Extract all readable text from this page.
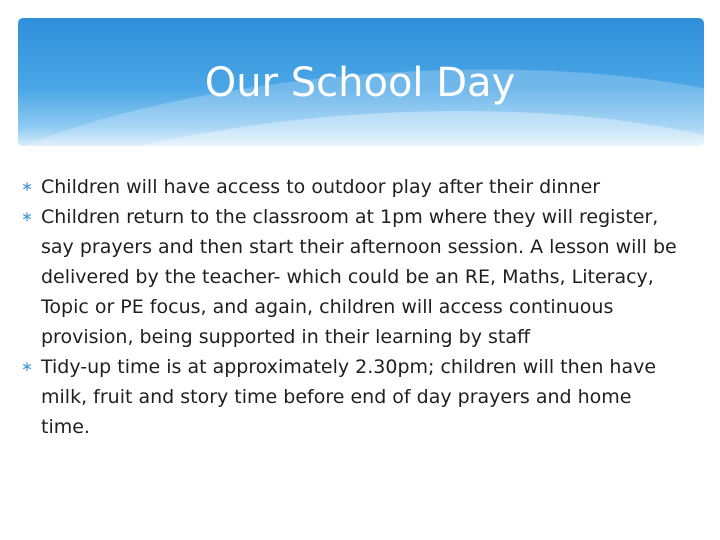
Our School Day
∗ Children will have access to outdoor play after their dinner
∗ Children return to the classroom at 1pm where they will register, say prayers and then start their afternoon session. A lesson will be delivered by the teacher- which could be an RE, Maths, Literacy, Topic or PE focus, and again, children will access continuous provision, being supported in their learning by staff
∗ Tidy-up time is at approximately 2.30pm; children will then have milk, fruit and story time before end of day prayers and home time.
